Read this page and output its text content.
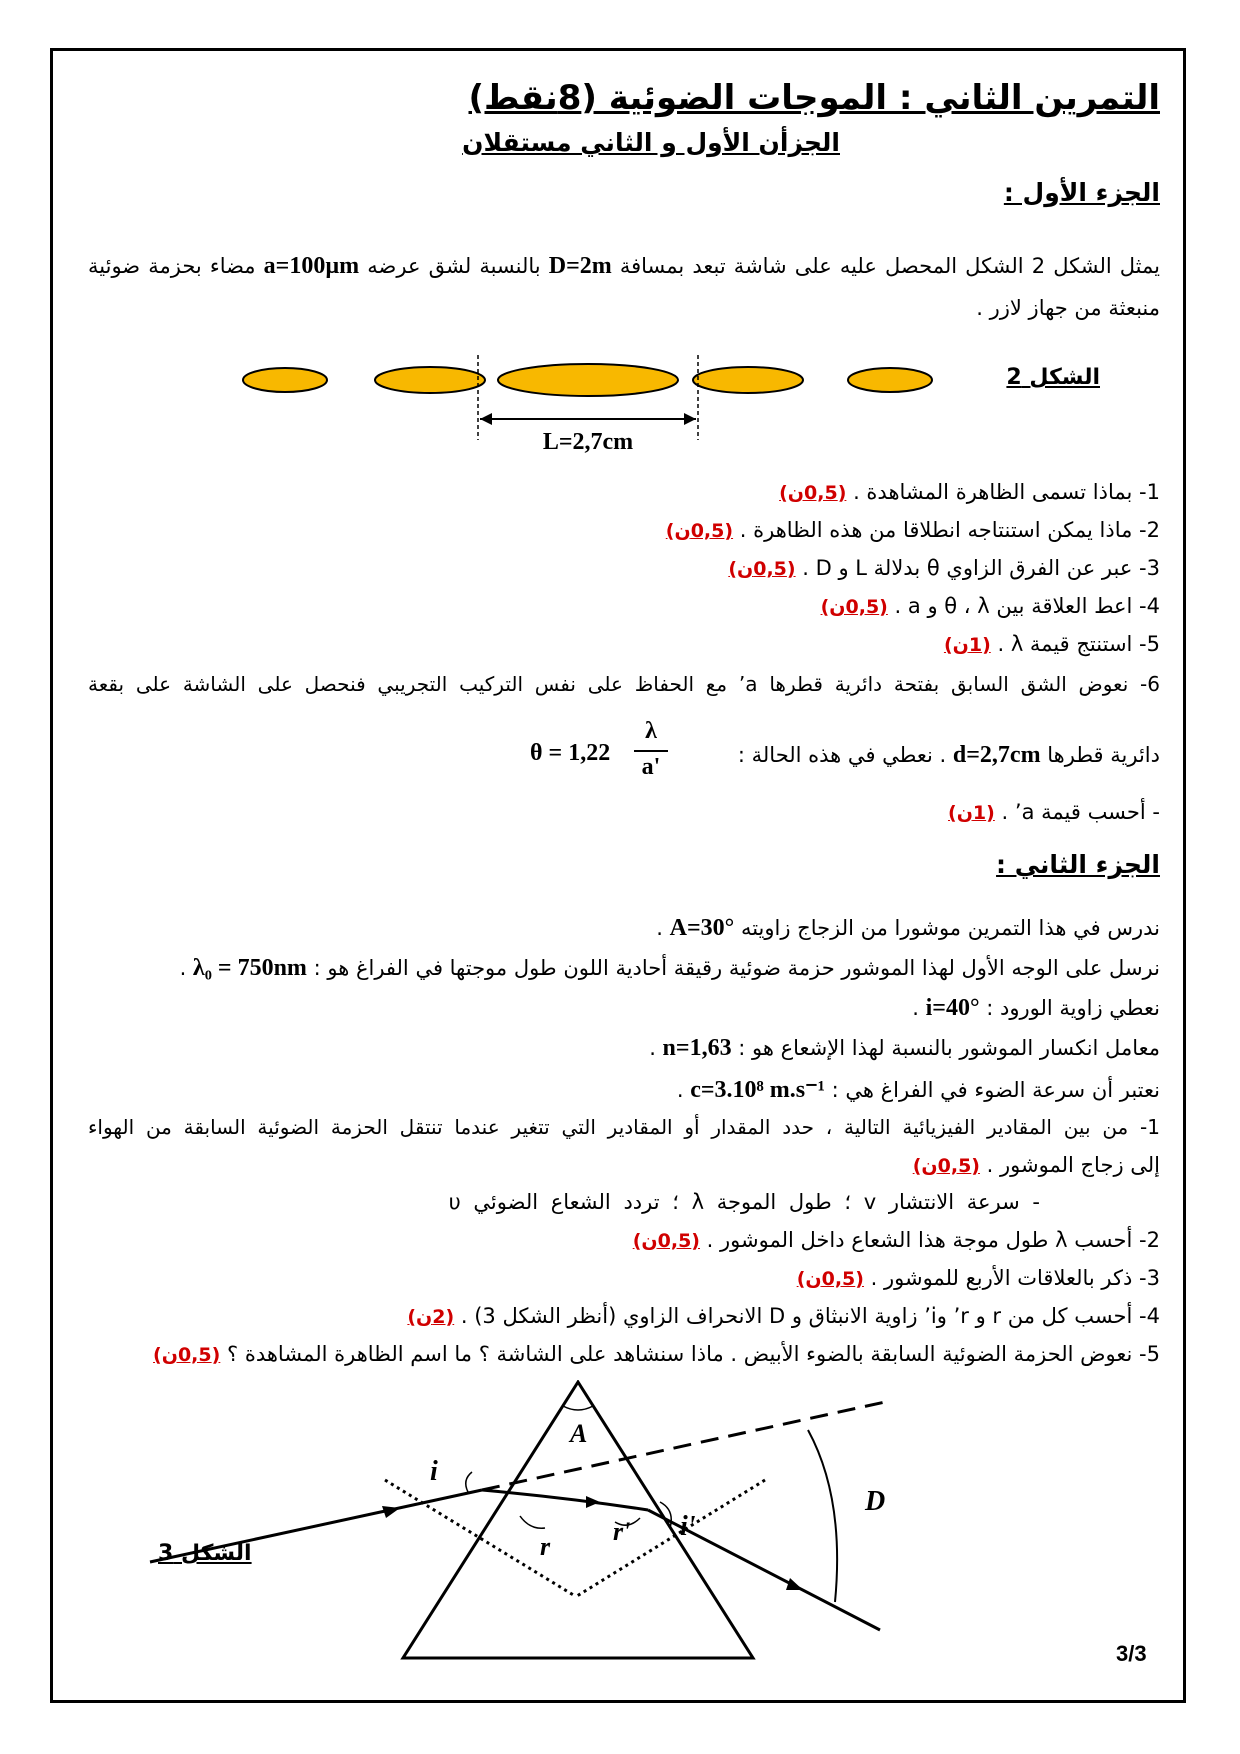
التمرين الثاني : الموجات الضوئية (8نقط)
الجزأن الأول و الثاني مستقلان
الجزء الأول :
يمثل الشكل 2 الشكل المحصل عليه على شاشة تبعد بمسافة D=2m بالنسبة لشق عرضه a=100µm مضاء بحزمة ضوئية منبعثة من جهاز لازر .
L=2,7cm
الشكل 2
1- بماذا تسمى الظاهرة المشاهدة . (0,5ن)
2- ماذا يمكن استنتاجه انطلاقا من هذه الظاهرة . (0,5ن)
3- عبر عن الفرق الزاوي θ بدلالة L و D . (0,5ن)
4- اعط العلاقة بين θ ، λ و a . (0,5ن)
5- استنتج قيمة λ . (1ن)
6- نعوض الشق السابق بفتحة دائرية قطرها a’ مع الحفاظ على نفس التركيب التجريبي فنحصل على الشاشة على بقعة
دائرية قطرها d=2,7cm . نعطي في هذه الحالة :
θ = 1,22
λ
a'
- أحسب قيمة a’ . (1ن)
الجزء الثاني :
ندرس في هذا التمرين موشورا من الزجاج زاويته A=30° .
نرسل على الوجه الأول لهذا الموشور حزمة ضوئية رقيقة أحادية اللون طول موجتها في الفراغ هو : λ₀ = 750nm .
نعطي زاوية الورود : i=40° .
معامل انكسار الموشور بالنسبة لهذا الإشعاع هو : n=1,63 .
نعتبر أن سرعة الضوء في الفراغ هي : c=3.10⁸ m.s⁻¹ .
1- من بين المقادير الفيزيائية التالية ، حدد المقدار أو المقادير التي تتغير عندما تنتقل الحزمة الضوئية السابقة من الهواء
إلى زجاج الموشور . (0,5ن)
- سرعة الانتشار v ؛ طول الموجة λ ؛ تردد الشعاع الضوئي υ
2- أحسب λ طول موجة هذا الشعاع داخل الموشور . (0,5ن)
3- ذكر بالعلاقات الأربع للموشور . (0,5ن)
4- أحسب كل من r و r’ وi’ زاوية الانبثاق و D الانحراف الزاوي (أنظر الشكل 3) . (2ن)
5- نعوض الحزمة الضوئية السابقة بالضوء الأبيض . ماذا سنشاهد على الشاشة ؟ ما اسم الظاهرة المشاهدة ؟ (0,5ن)
A
i
r
r' i'
D
الشكل 3
3/3
